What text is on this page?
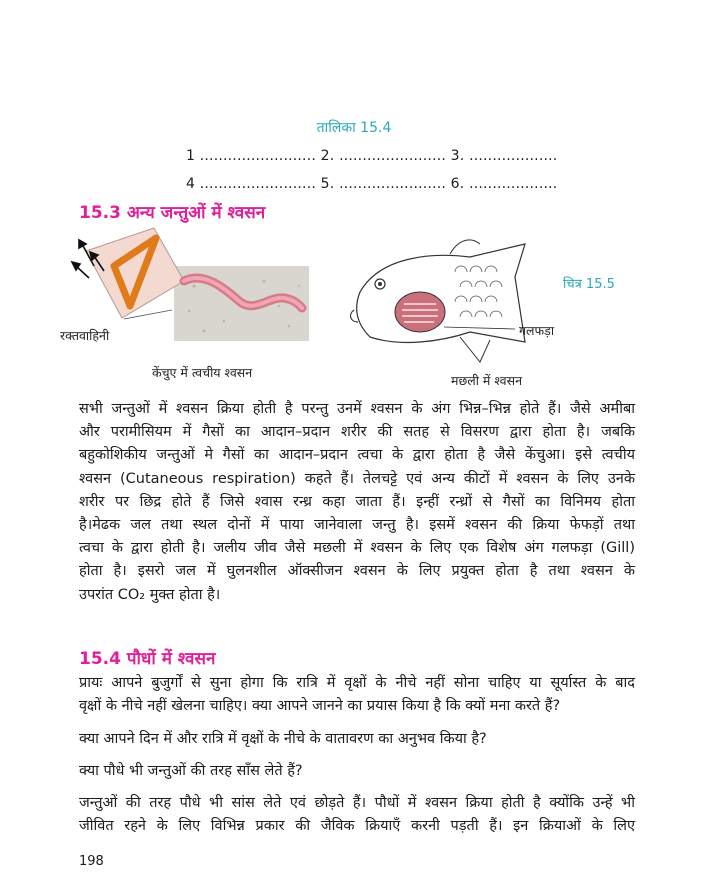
तालिका 15.4
1 ......................... 2. ....................... 3. ...................
4 ......................... 5. ....................... 6. ...................
15.3 अन्य जन्तुओं में श्वसन
रक्तवाहिनी
केंचुए में त्वचीय श्वसन
चित्र 15.5
गलफड़ा
मछली में श्वसन
सभी जन्तुओं में श्वसन क्रिया होती है परन्तु उनमें श्वसन के अंग भिन्न–भिन्न होते हैं। जैसे अमीबा
और परामीसियम में गैसों का आदान–प्रदान शरीर की सतह से विसरण द्वारा होता है। जबकि
बहुकोशिकीय जन्तुओं मे गैसों का आदान–प्रदान त्वचा के द्वारा होता है जैसे केंचुआ। इसे त्वचीय
श्वसन (Cutaneous respiration) कहते हैं। तेलचट्टे एवं अन्य कीटों में श्वसन के लिए उनके
शरीर पर छिद्र होते हैं जिसे श्वास रन्ध्र कहा जाता हैं। इन्हीं रन्ध्रों से गैसों का विनिमय होता
है।मेढक जल तथा स्थल दोनों में पाया जानेवाला जन्तु है। इसमें श्वसन की क्रिया फेफड़ों तथा
त्वचा के द्वारा होती है। जलीय जीव जैसे मछली में श्वसन के लिए एक विशेष अंग गलफड़ा (Gill)
होता है। इसरो जल में घुलनशील ऑक्सीजन श्वसन के लिए प्रयुक्त होता है तथा श्वसन के
उपरांत CO₂ मुक्त होता है।
15.4 पौधों में श्वसन
प्रायः आपने बुजुर्गों से सुना होगा कि रात्रि में वृक्षों के नीचे नहीं सोना चाहिए या सूर्यास्त के बाद
वृक्षों के नीचे नहीं खेलना चाहिए। क्या आपने जानने का प्रयास किया है कि क्यों मना करते हैं?
क्या आपने दिन में और रात्रि में वृक्षों के नीचे के वातावरण का अनुभव किया है?
क्या पौधे भी जन्तुओं की तरह साँस लेते हैं?
जन्तुओं की तरह पौधे भी सांस लेते एवं छोड़ते हैं। पौधों में श्वसन क्रिया होती है क्योंकि उन्हें भी
जीवित रहने के लिए विभिन्न प्रकार की जैविक क्रियाएँ करनी पड़ती हैं। इन क्रियाओं के लिए
198
